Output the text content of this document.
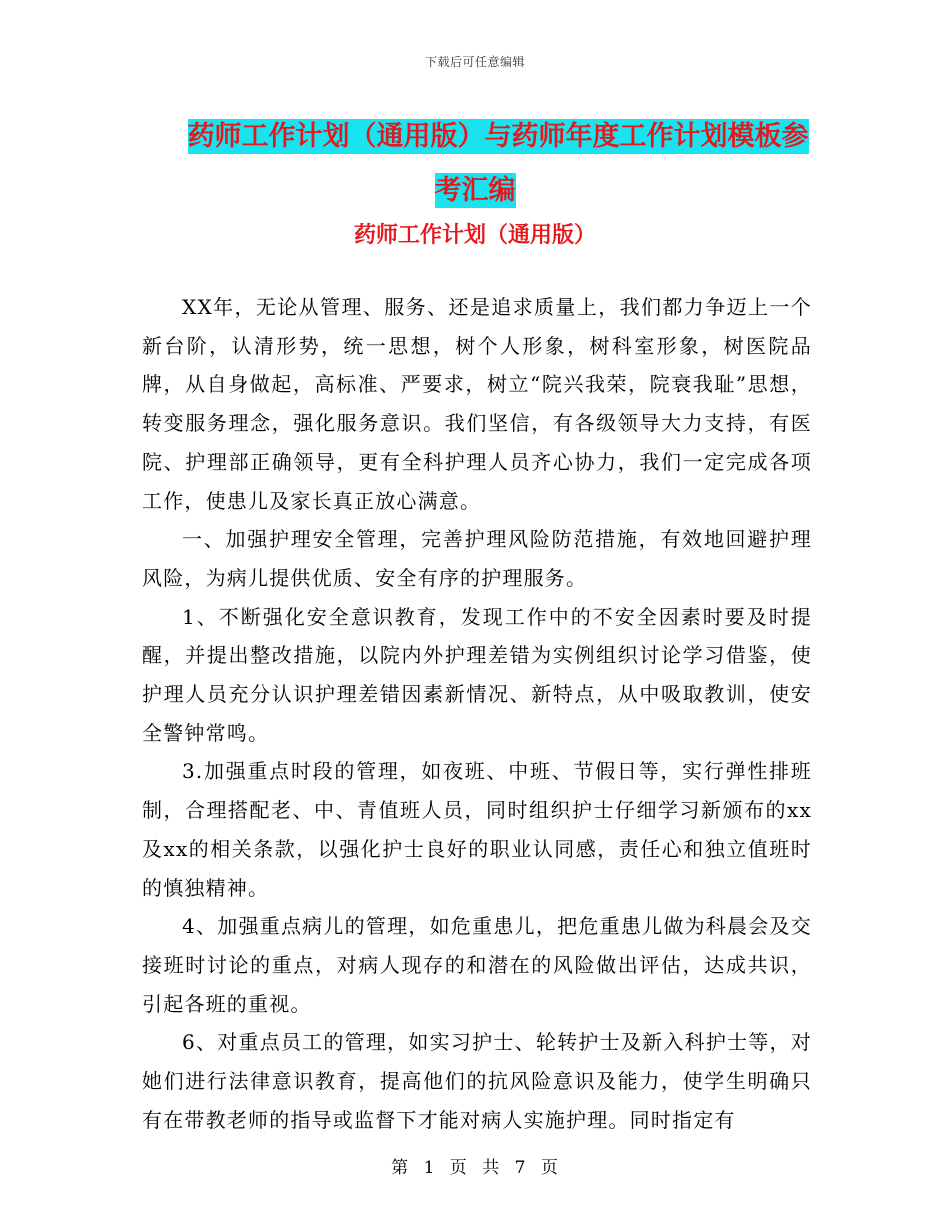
下载后可任意编辑
药师工作计划（通用版）与药师年度工作计划模板参
考汇编
药师工作计划（通用版）

XX年，无论从管理、服务、还是追求质量上，我们都力争迈上一个新台阶，认清形势，统一思想，树个人形象，树科室形象，树医院品牌，从自身做起，高标准、严要求，树立“院兴我荣，院衰我耻”思想，转变服务理念，强化服务意识。我们坚信，有各级领导大力支持，有医院、护理部正确领导，更有全科护理人员齐心协力，我们一定完成各项工作，使患儿及家长真正放心满意。

一、加强护理安全管理，完善护理风险防范措施，有效地回避护理风险，为病儿提供优质、安全有序的护理服务。

1、不断强化安全意识教育，发现工作中的不安全因素时要及时提醒，并提出整改措施，以院内外护理差错为实例组织讨论学习借鉴，使护理人员充分认识护理差错因素新情况、新特点，从中吸取教训，使安全警钟常鸣。

3.加强重点时段的管理，如夜班、中班、节假日等，实行弹性排班制，合理搭配老、中、青值班人员，同时组织护士仔细学习新颁布的xx及xx的相关条款，以强化护士良好的职业认同感，责任心和独立值班时的慎独精神。

4、加强重点病儿的管理，如危重患儿，把危重患儿做为科晨会及交接班时讨论的重点，对病人现存的和潜在的风险做出评估，达成共识，引起各班的重视。

6、对重点员工的管理，如实习护士、轮转护士及新入科护士等，对她们进行法律意识教育，提高他们的抗风险意识及能力，使学生明确只有在带教老师的指导或监督下才能对病人实施护理。同时指定有

第 1 页 共 7 页
